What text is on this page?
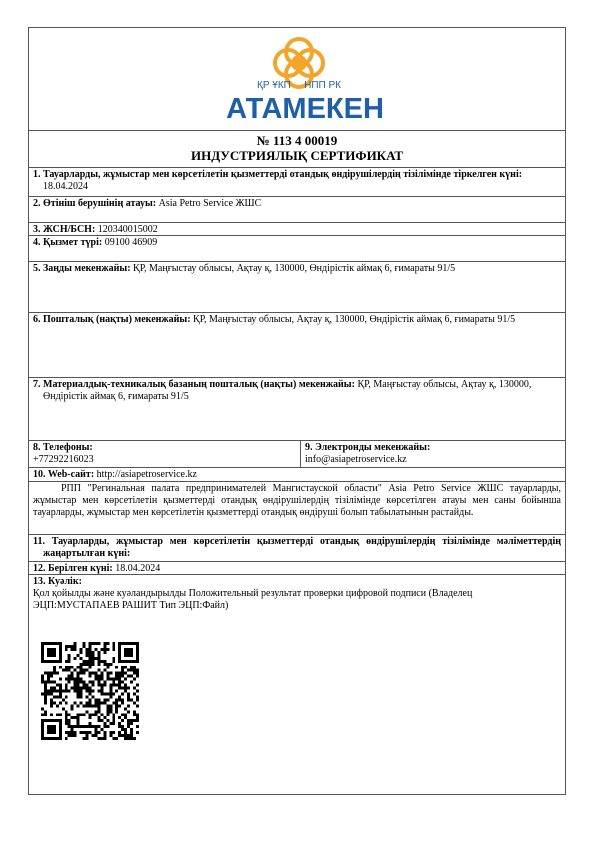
ҚР ҰКП НПП РК
АТАМЕКЕН
№ 113 4 00019
ИНДУСТРИЯЛЫҚ СЕРТИФИКАТ
1. Тауарларды, жұмыстар мен көрсетілетін қызметтерді отандық өндірушілердің тізілімінде тіркелген күні: 18.04.2024
2. Өтініш берушінің атауы: Asia Petro Service ЖШС
3. ЖСН/БСН: 120340015002
4. Қызмет түрі: 09100 46909
5. Заңды мекенжайы: ҚР, Маңғыстау облысы, Ақтау қ, 130000, Өндірістік аймақ 6, ғимараты 91/5
6. Пошталық (нақты) мекенжайы: ҚР, Маңғыстау облысы, Ақтау қ, 130000, Өндірістік аймақ 6, ғимараты 91/5
7. Материалдық-техникалық базаның пошталық (нақты) мекенжайы: ҚР, Маңғыстау облысы, Ақтау қ, 130000, Өндірістік аймақ 6, ғимараты 91/5
8. Телефоны:
+77292216023
9. Электронды мекенжайы:
info@asiapetroservice.kz
10. Web-сайт: http://asiapetroservice.kz
РПП "Регинальная палата предпринимателей Мангистауской области" Asia Petro Service ЖШС тауарларды, жұмыстар мен көрсетілетін қызметтерді отандық өндірушілердің тізілімінде көрсетілген атауы мен саны бойынша тауарларды, жұмыстар мен көрсетілетін қызметтерді отандық өндіруші болып табылатынын растайды.
11. Тауарларды, жұмыстар мен көрсетілетін қызметтерді отандық өндірушілердің тізілімінде мәліметтердің жаңартылған күні:
12. Берілген күні: 18.04.2024
13. Куәлік:
Қол қойылды және куәландырылды Положительный результат проверки цифровой подписи (Владелец ЭЦП:МУСТАПАЕВ РАШИТ Тип ЭЦП:Файл)
